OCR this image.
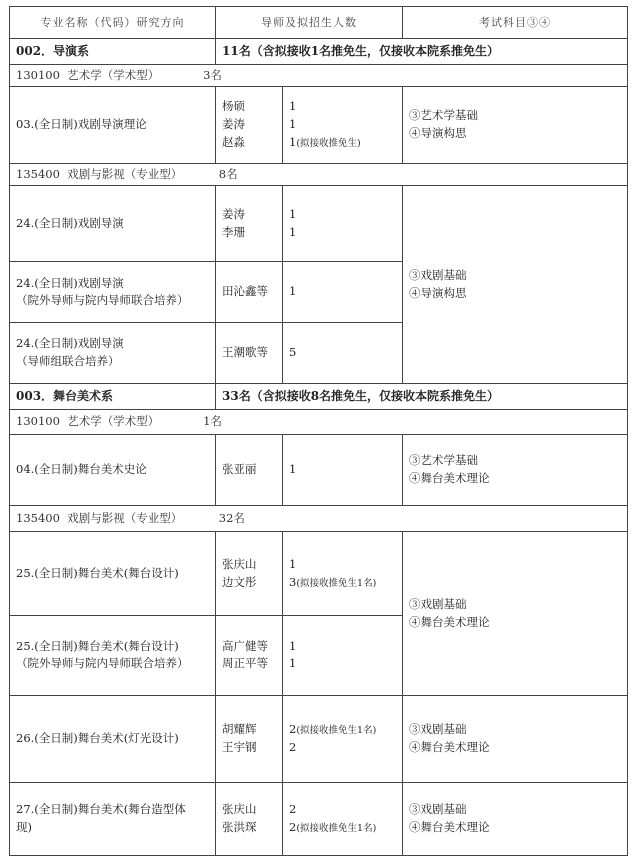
专业名称（代码）研究方向	导师及拟招生人数		考试科目③④
002．导演系	11名（含拟接收1名推免生，仅接收本院系推免生）		
130100 艺术学（学术型） 3名			

03.(全日制)戏剧导演理论	杨硕
姜涛
赵淼	1
1
1(拟接收推免生)	③艺术学基础
④导演构思

135400 戏剧与影视（专业型） 8名			

24.(全日制)戏剧导演	姜涛
李珊	1
1	③戏剧基础
④导演构思

24.(全日制)戏剧导演
（院外导师与院内导师联合培养）	田沁鑫等	1	

24.(全日制)戏剧导演
（导师组联合培养）	王潮歌等	5	

003．舞台美术系	33名（含拟接收8名推免生，仅接收本院系推免生）		
130100 艺术学（学术型） 1名			

04.(全日制)舞台美术史论	张亚丽	1	③艺术学基础
④舞台美术理论

135400 戏剧与影视（专业型） 32名			

25.(全日制)舞台美术(舞台设计)	张庆山
边文彤	1
3(拟接收推免生1名)	③戏剧基础
④舞台美术理论

25.(全日制)舞台美术(舞台设计)
（院外导师与院内导师联合培养）	高广健等
周正平等	1
1	

26.(全日制)舞台美术(灯光设计)	胡耀辉
王宇钢	2(拟接收推免生1名)
2	③戏剧基础
④舞台美术理论

27.(全日制)舞台美术(舞台造型体
现)	张庆山
张洪琛	2
2(拟接收推免生1名)	③戏剧基础
④舞台美术理论
